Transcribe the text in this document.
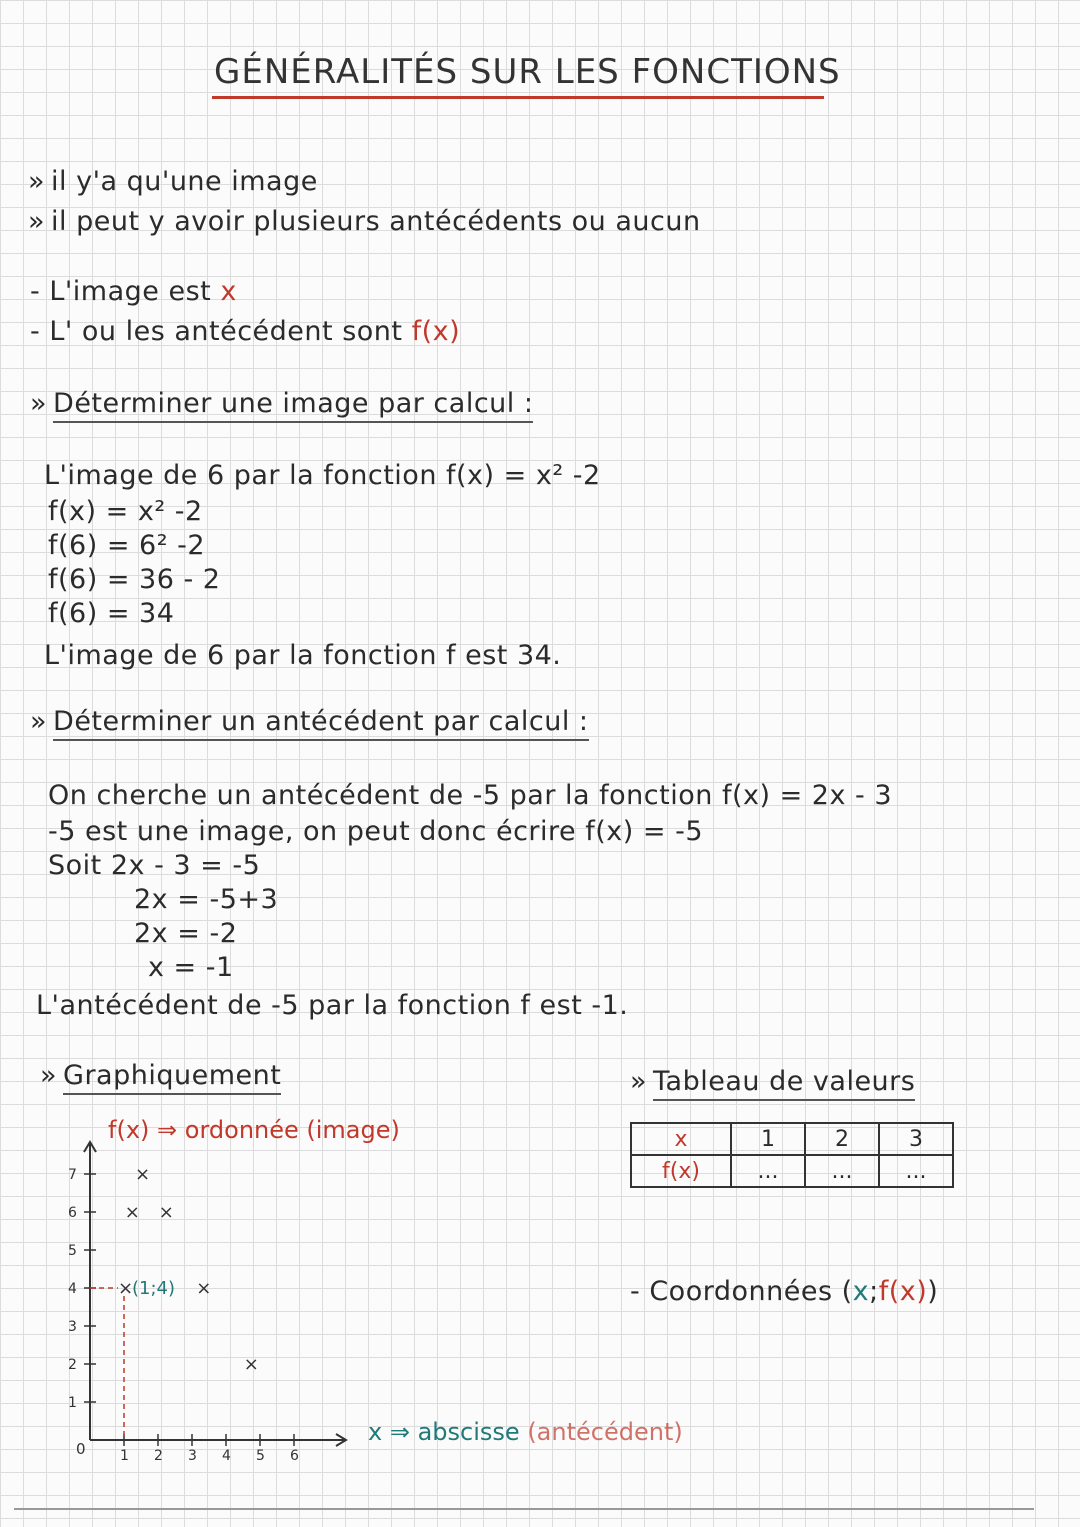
GÉNÉRALITÉS SUR LES FONCTIONS
» il y'a qu'une image
» il peut y avoir plusieurs antécédents ou aucun
- L'image est x
- L' ou les antécédent sont f(x)
» Déterminer une image par calcul :
L'image de 6 par la fonction f(x) = x² -2
f(x) = x² -2
f(6) = 6² -2
f(6) = 36 - 2
f(6) = 34
L'image de 6 par la fonction f est 34.
» Déterminer un antécédent par calcul :
On cherche un antécédent de -5 par la fonction f(x) = 2x - 3
-5 est une image, on peut donc écrire f(x) = -5
Soit 2x - 3 = -5
2x = -5+3
2x = -2
x = -1
L'antécédent de -5 par la fonction f est -1.
» Graphiquement
f(x) ⇒ ordonnée (image)
0
1
2
3
4
5
6
7
1 2 3 4 5 6
×
(1;4)
×
× ×
×
×
x ⇒ abscisse (antécédent)
» Tableau de valeurs
x	1	2	3
f(x)	...	...	...
- Coordonnées (x;f(x))
